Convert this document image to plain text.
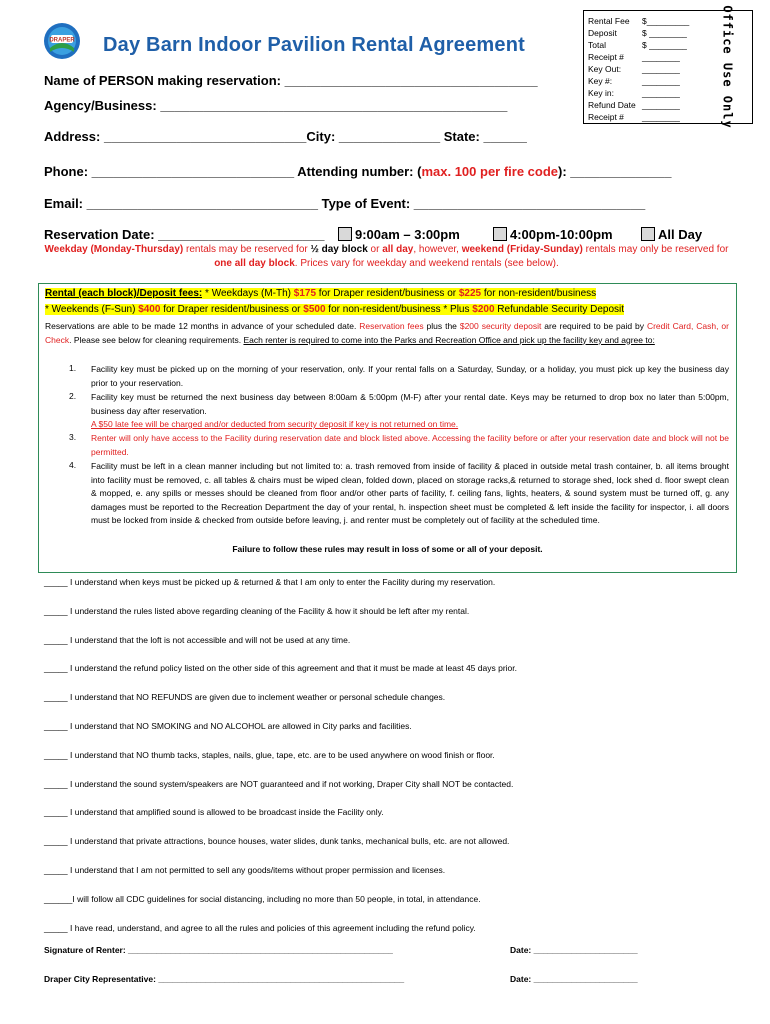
DRAPER Day Barn Indoor Pavilion Rental Agreement
Rental Fee $_________
Deposit	$ ________
Total	$ ________
Receipt # ________
Key Out: ________
Key #:	________
Key in:	________
Refund Date ________
Receipt # ________	Office Use Only
Name of PERSON making reservation: ___________________________________
Agency/Business: ________________________________________________
Address: ____________________________City: ______________ State: ______
Phone: ____________________________ Attending number: (max. 100 per fire code): ______________
Email: ________________________________ Type of Event: ________________________________
Reservation Date: _______________________	9:00am – 3:00pm	4:00pm-10:00pm	All Day
Weekday (Monday-Thursday) rentals may be reserved for ½ day block or all day, however, weekend (Friday-Sunday) rentals may only be reserved for one all day block. Prices vary for weekday and weekend rentals (see below).
Rental (each block)/Deposit fees: * Weekdays (M-Th) $175 for Draper resident/business or $225 for non-resident/business
* Weekends (F-Sun) $400 for Draper resident/business or $500 for non-resident/business * Plus $200 Refundable Security Deposit
Reservations are able to be made 12 months in advance of your scheduled date. Reservation fees plus the $200 security deposit are required to be paid by Credit Card, Cash, or Check. Please see below for cleaning requirements. Each renter is required to come into the Parks and Recreation Office and pick up the facility key and agree to:
1. Facility key must be picked up on the morning of your reservation, only. If your rental falls on a Saturday, Sunday, or a holiday, you must pick up key the business day prior to your reservation.
2. Facility key must be returned the next business day between 8:00am & 5:00pm (M-F) after your rental date. Keys may be returned to drop box no later than 5:00pm, business day after reservation.
A $50 late fee will be charged and/or deducted from security deposit if key is not returned on time.
3. Renter will only have access to the Facility during reservation date and block listed above. Accessing the facility before or after your reservation date and block will not be permitted.
4. Facility must be left in a clean manner including but not limited to: a. trash removed from inside of facility & placed in outside metal trash container, b. all items brought into facility must be removed, c. all tables & chairs must be wiped clean, folded down, placed on storage racks,& returned to storage shed, lock shed d. floor swept clean & mopped, e. any spills or messes should be cleaned from floor and/or other parts of facility, f. ceiling fans, lights, heaters, & sound system must be turned off, g. any damages must be reported to the Recreation Department the day of your rental, h. inspection sheet must be completed & left inside the facility for inspector, i. all doors must be locked from inside & checked from outside before leaving, j. and renter must be completely out of facility at the scheduled time.
Failure to follow these rules may result in loss of some or all of your deposit.
_____ I understand when keys must be picked up & returned & that I am only to enter the Facility during my reservation.
_____ I understand the rules listed above regarding cleaning of the Facility & how it should be left after my rental.
_____ I understand that the loft is not accessible and will not be used at any time.
_____ I understand the refund policy listed on the other side of this agreement and that it must be made at least 45 days prior.
_____ I understand that NO REFUNDS are given due to inclement weather or personal schedule changes.
_____ I understand that NO SMOKING and NO ALCOHOL are allowed in City parks and facilities.
_____ I understand that NO thumb tacks, staples, nails, glue, tape, etc. are to be used anywhere on wood finish or floor.
_____ I understand the sound system/speakers are NOT guaranteed and if not working, Draper City shall NOT be contacted.
_____ I understand that amplified sound is allowed to be broadcast inside the Facility only.
_____ I understand that private attractions, bounce houses, water slides, dunk tanks, mechanical bulls, etc. are not allowed.
_____ I understand that I am not permitted to sell any goods/items without proper permission and licenses.
______I will follow all CDC guidelines for social distancing, including no more than 50 people, in total, in attendance.
_____ I have read, understand, and agree to all the rules and policies of this agreement including the refund policy.
Signature of Renter: ________________________________________________________	Date: ______________________
Draper City Representative: ____________________________________________________	Date: ______________________
